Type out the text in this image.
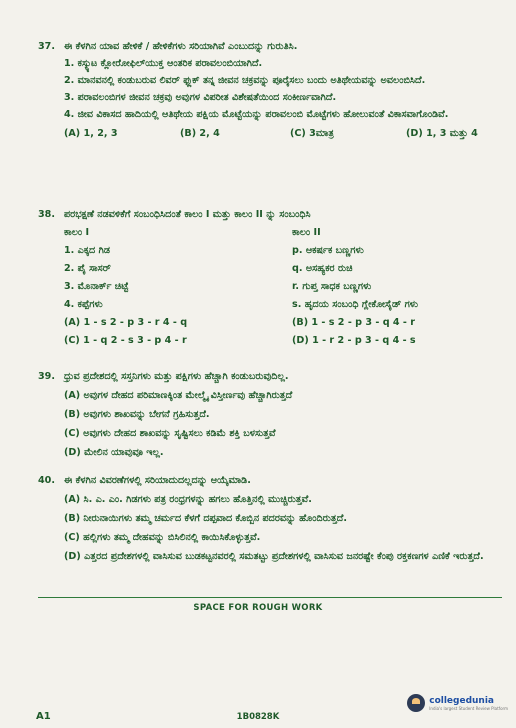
37. ಈ ಕೆಳಗಿನ ಯಾವ ಹೇಳಿಕೆ / ಹೇಳಿಕೆಗಳು ಸರಿಯಾಗಿವೆ ಎಂಬುದನ್ನು ಗುರುತಿಸಿ.
1. ಕಸ್ಕ್ಯುಟ ಕ್ಲೋರೋಫಿಲ್‌ಯುಕ್ತ ಆಂತರಿಕ ಪರಾವಲಂಬಿಯಾಗಿದೆ.
2. ಮಾನವನಲ್ಲಿ ಕಂಡುಬರುವ ಲಿವರ್ ಫ್ಲುಕ್ ತನ್ನ ಜೀವನ ಚಕ್ರವನ್ನು ಪೂರೈಸಲು ಬಂದು ಅತಿಥೇಯವನ್ನು ಅವಲಂಬಿಸಿದೆ.
3. ಪರಾವಲಂಬಿಗಳ ಜೀವನ ಚಕ್ರವು ಅವುಗಳ ವಿಪರೀತ ವಿಶೇಷತೆಯಿಂದ ಸಂಕೀರ್ಣವಾಗಿದೆ.
4. ಜೀವ ವಿಕಾಸದ ಹಾದಿಯಲ್ಲಿ ಆತಿಥೇಯ ಪಕ್ಷಿಯ ಮೊಟ್ಟೆಯನ್ನು ಪರಾವಲಂಬಿ ಮೊಟ್ಟೆಗಳು ಹೋಲುವಂತೆ ವಿಕಾಸವಾಗೊಂಡಿವೆ.
(A) 1, 2, 3	(B) 2, 4	(C) 3ಮಾತ್ರ	(D) 1, 3 ಮತ್ತು 4
38. ಪರಭಕ್ಷಣೆ ನಡವಳಿಕೆಗೆ ಸಂಬಂಧಿಸಿದಂತೆ ಕಾಲಂ I ಮತ್ತು ಕಾಲಂ II ನ್ನು ಸಂಬಂಧಿಸಿ
ಕಾಲಂ I	ಕಾಲಂ II
1. ಎಕ್ಕದ ಗಿಡ	p. ಆಕರ್ಷಕ ಬಣ್ಣಗಳು
2. ಪೈ ಸಾಸರ್	q. ಅಸಹ್ಯಕರ ರುಚಿ
3. ಮೊನಾರ್ಕ್ ಚಿಟ್ಟೆ	r. ಗುಪ್ತ ಸಾಧಕ ಬಣ್ಣಗಳು
4. ಕಪ್ಪೆಗಳು	s. ಹೃದಯ ಸಂಬಂಧಿ ಗ್ಲೇಕೋಸೈಡ್ ಗಳು
(A) 1 - s 2 - p 3 - r 4 - q	(B) 1 - s 2 - p 3 - q 4 - r
(C) 1 - q 2 - s 3 - p 4 - r	(D) 1 - r 2 - p 3 - q 4 - s
39. ಧ್ರುವ ಪ್ರದೇಶದಲ್ಲಿ ಸಸ್ತನಿಗಳು ಮತ್ತು ಪಕ್ಷಿಗಳು ಹೆಚ್ಚಾಗಿ ಕಂಡುಬರುವುದಿಲ್ಲ.
(A) ಅವುಗಳ ದೇಹದ ಪರಿಮಾಣಕ್ಕಿಂತ ಮೇಲ್ಮೈ ವಿಸ್ತೀರ್ಣವು ಹೆಚ್ಚಾಗಿರುತ್ತದೆ
(B) ಅವುಗಳು ಶಾಖವನ್ನು ಬೇಗನೆ ಗ್ರಹಿಸುತ್ತದೆ.
(C) ಅವುಗಳು ದೇಹದ ಶಾಖವನ್ನು ಸೃಷ್ಟಿಸಲು ಕಡಿಮೆ ಶಕ್ತಿ ಬಳಸುತ್ತವೆ
(D) ಮೇಲಿನ ಯಾವುವೂ ಇಲ್ಲ.
40. ಈ ಕೆಳಗಿನ ವಿವರಣೆಗಳಲ್ಲಿ ಸರಿಯಾದುದಲ್ಲದನ್ನು ಆಯ್ಕೆಮಾಡಿ.
(A) ಸಿ. ಎ. ಎಂ. ಗಿಡಗಳು ಪತ್ರ ರಂಧ್ರಗಳನ್ನು ಹಗಲು ಹೊತ್ತಿನಲ್ಲಿ ಮುಚ್ಚಿರುತ್ತವೆ.
(B) ನೀರುನಾಯಿಗಳು ತಮ್ಮ ಚರ್ಮದ ಕೆಳಗೆ ದಪ್ಪವಾದ ಕೊಬ್ಬಿನ ಪದರವನ್ನು ಹೊಂದಿರುತ್ತದೆ.
(C) ಹಲ್ಲಿಗಳು ತಮ್ಮ ದೇಹವನ್ನು ಬಿಸಿಲಿನಲ್ಲಿ ಕಾಯಿಸಿಕೊಳ್ಳುತ್ತವೆ.
(D) ಎತ್ತರದ ಪ್ರದೇಶಗಳಲ್ಲಿ ವಾಸಿಸುವ ಬುಡಕಟ್ಟನವರಲ್ಲಿ ಸಮತಟ್ಟು ಪ್ರದೇಶಗಳಲ್ಲಿ ವಾಸಿಸುವ ಜನರಷ್ಟೇ ಕೆಂಪು ರಕ್ತಕಣಗಳ ಎಣಿಕೆ ಇರುತ್ತದೆ.
SPACE FOR ROUGH WORK
A1	1B0828K
collegedunia
India's largest Student Review Platform
